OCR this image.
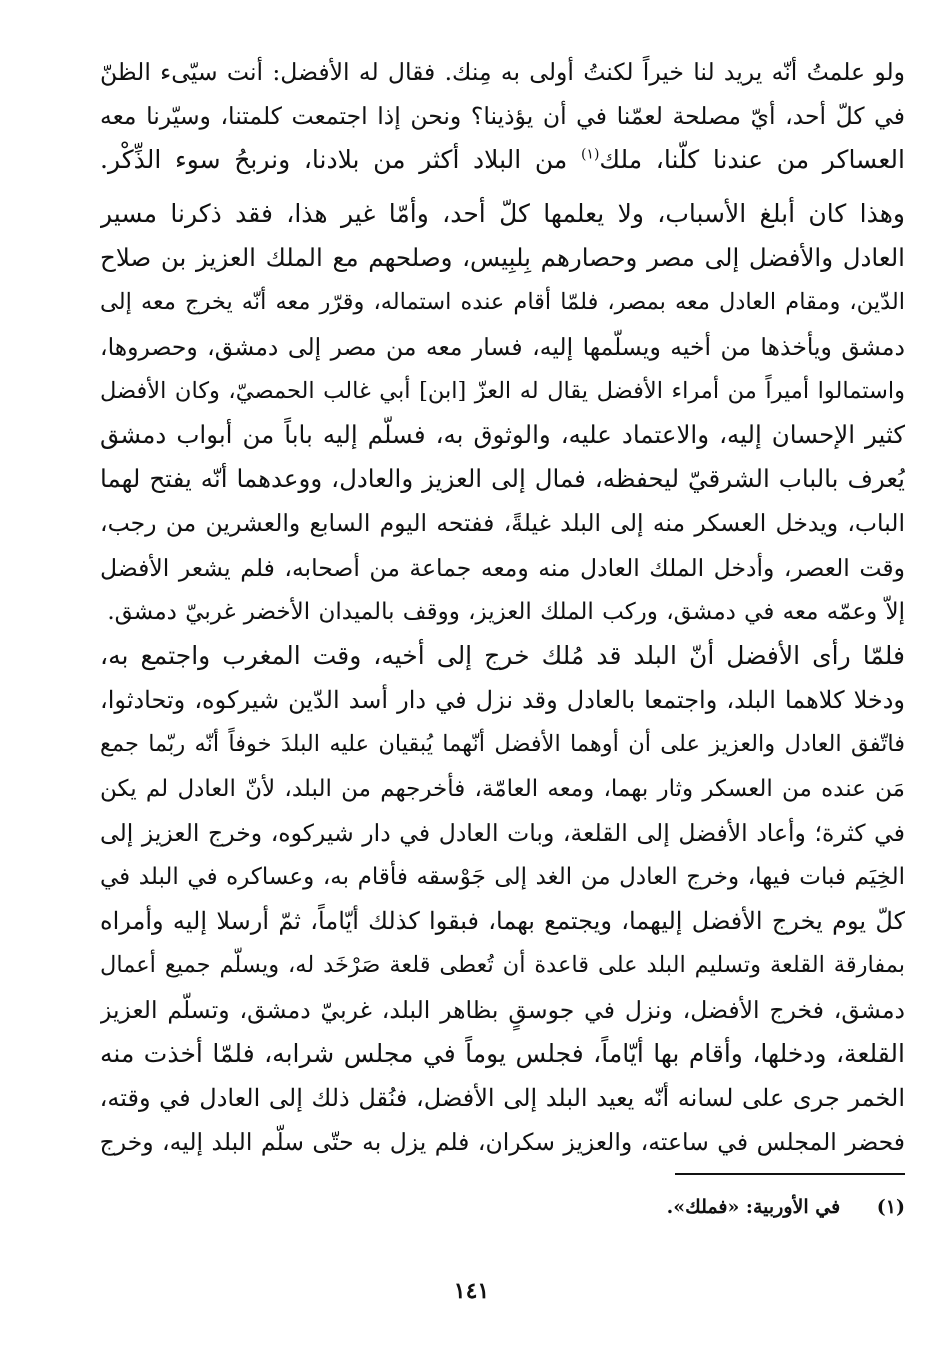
ولو علمتُ أنّه يريد لنا خيراً لكنتُ أولى به مِنك. فقال له الأفضل: أنت سيّىء الظنّ
في كلّ أحد، أيّ مصلحة لعمّنا في أن يؤذينا؟ ونحن إذا اجتمعت كلمتنا، وسيّرنا معه
العساكر من عندنا كلّنا، ملك$^{(١)}$ من البلاد أكثر من بلادنا، ونربحُ سوء الذِّكْر.
وهذا كان أبلغ الأسباب، ولا يعلمها كلّ أحد، وأمّا غير هذا، فقد ذكرنا مسير
العادل والأفضل إلى مصر وحصارهم بِلبِيس، وصلحهم مع الملك العزيز بن صلاح
الدّين، ومقام العادل معه بمصر، فلمّا أقام عنده استماله، وقرّر معه أنّه يخرج معه إلى
دمشق ويأخذها من أخيه ويسلّمها إليه، فسار معه من مصر إلى دمشق، وحصروها،
واستمالوا أميراً من أمراء الأفضل يقال له العزّ [ابن] أبي غالب الحمصيّ، وكان الأفضل
كثير الإحسان إليه، والاعتماد عليه، والوثوق به، فسلّم إليه باباً من أبواب دمشق
يُعرف بالباب الشرقيّ ليحفظه، فمال إلى العزيز والعادل، ووعدهما أنّه يفتح لهما
الباب، ويدخل العسكر منه إلى البلد غيلةً، ففتحه اليوم السابع والعشرين من رجب،
وقت العصر، وأدخل الملك العادل منه ومعه جماعة من أصحابه، فلم يشعر الأفضل
إلاّ وعمّه معه في دمشق، وركب الملك العزيز، ووقف بالميدان الأخضر غربيّ دمشق.
فلمّا رأى الأفضل أنّ البلد قد مُلك خرج إلى أخيه، وقت المغرب واجتمع به،
ودخلا كلاهما البلد، واجتمعا بالعادل وقد نزل في دار أسد الدّين شيركوه، وتحادثوا،
فاتّفق العادل والعزيز على أن أوهما الأفضل أنّهما يُبقيان عليه البلدَ خوفاً أنّه ربّما جمع
مَن عنده من العسكر وثار بهما، ومعه العامّة، فأخرجهم من البلد، لأنّ العادل لم يكن
في كثرة؛ وأعاد الأفضل إلى القلعة، وبات العادل في دار شيركوه، وخرج العزيز إلى
الخِيَم فبات فيها، وخرج العادل من الغد إلى جَوْسقه فأقام به، وعساكره في البلد في
كلّ يوم يخرج الأفضل إليهما، ويجتمع بهما، فبقوا كذلك أيّاماً، ثمّ أرسلا إليه وأمراه
بمفارقة القلعة وتسليم البلد على قاعدة أن تُعطى قلعة صَرْخَد له، ويسلّم جميع أعمال
دمشق، فخرج الأفضل، ونزل في جوسقٍ بظاهر البلد، غربيّ دمشق، وتسلّم العزيز
القلعة، ودخلها، وأقام بها أيّاماً، فجلس يوماً في مجلس شرابه، فلمّا أخذت منه
الخمر جرى على لسانه أنّه يعيد البلد إلى الأفضل، فنُقل ذلك إلى العادل في وقته،
فحضر المجلس في ساعته، والعزيز سكران، فلم يزل به حتّى سلّم البلد إليه، وخرج
(١) في الأوربية: «فملك».
١٤١
